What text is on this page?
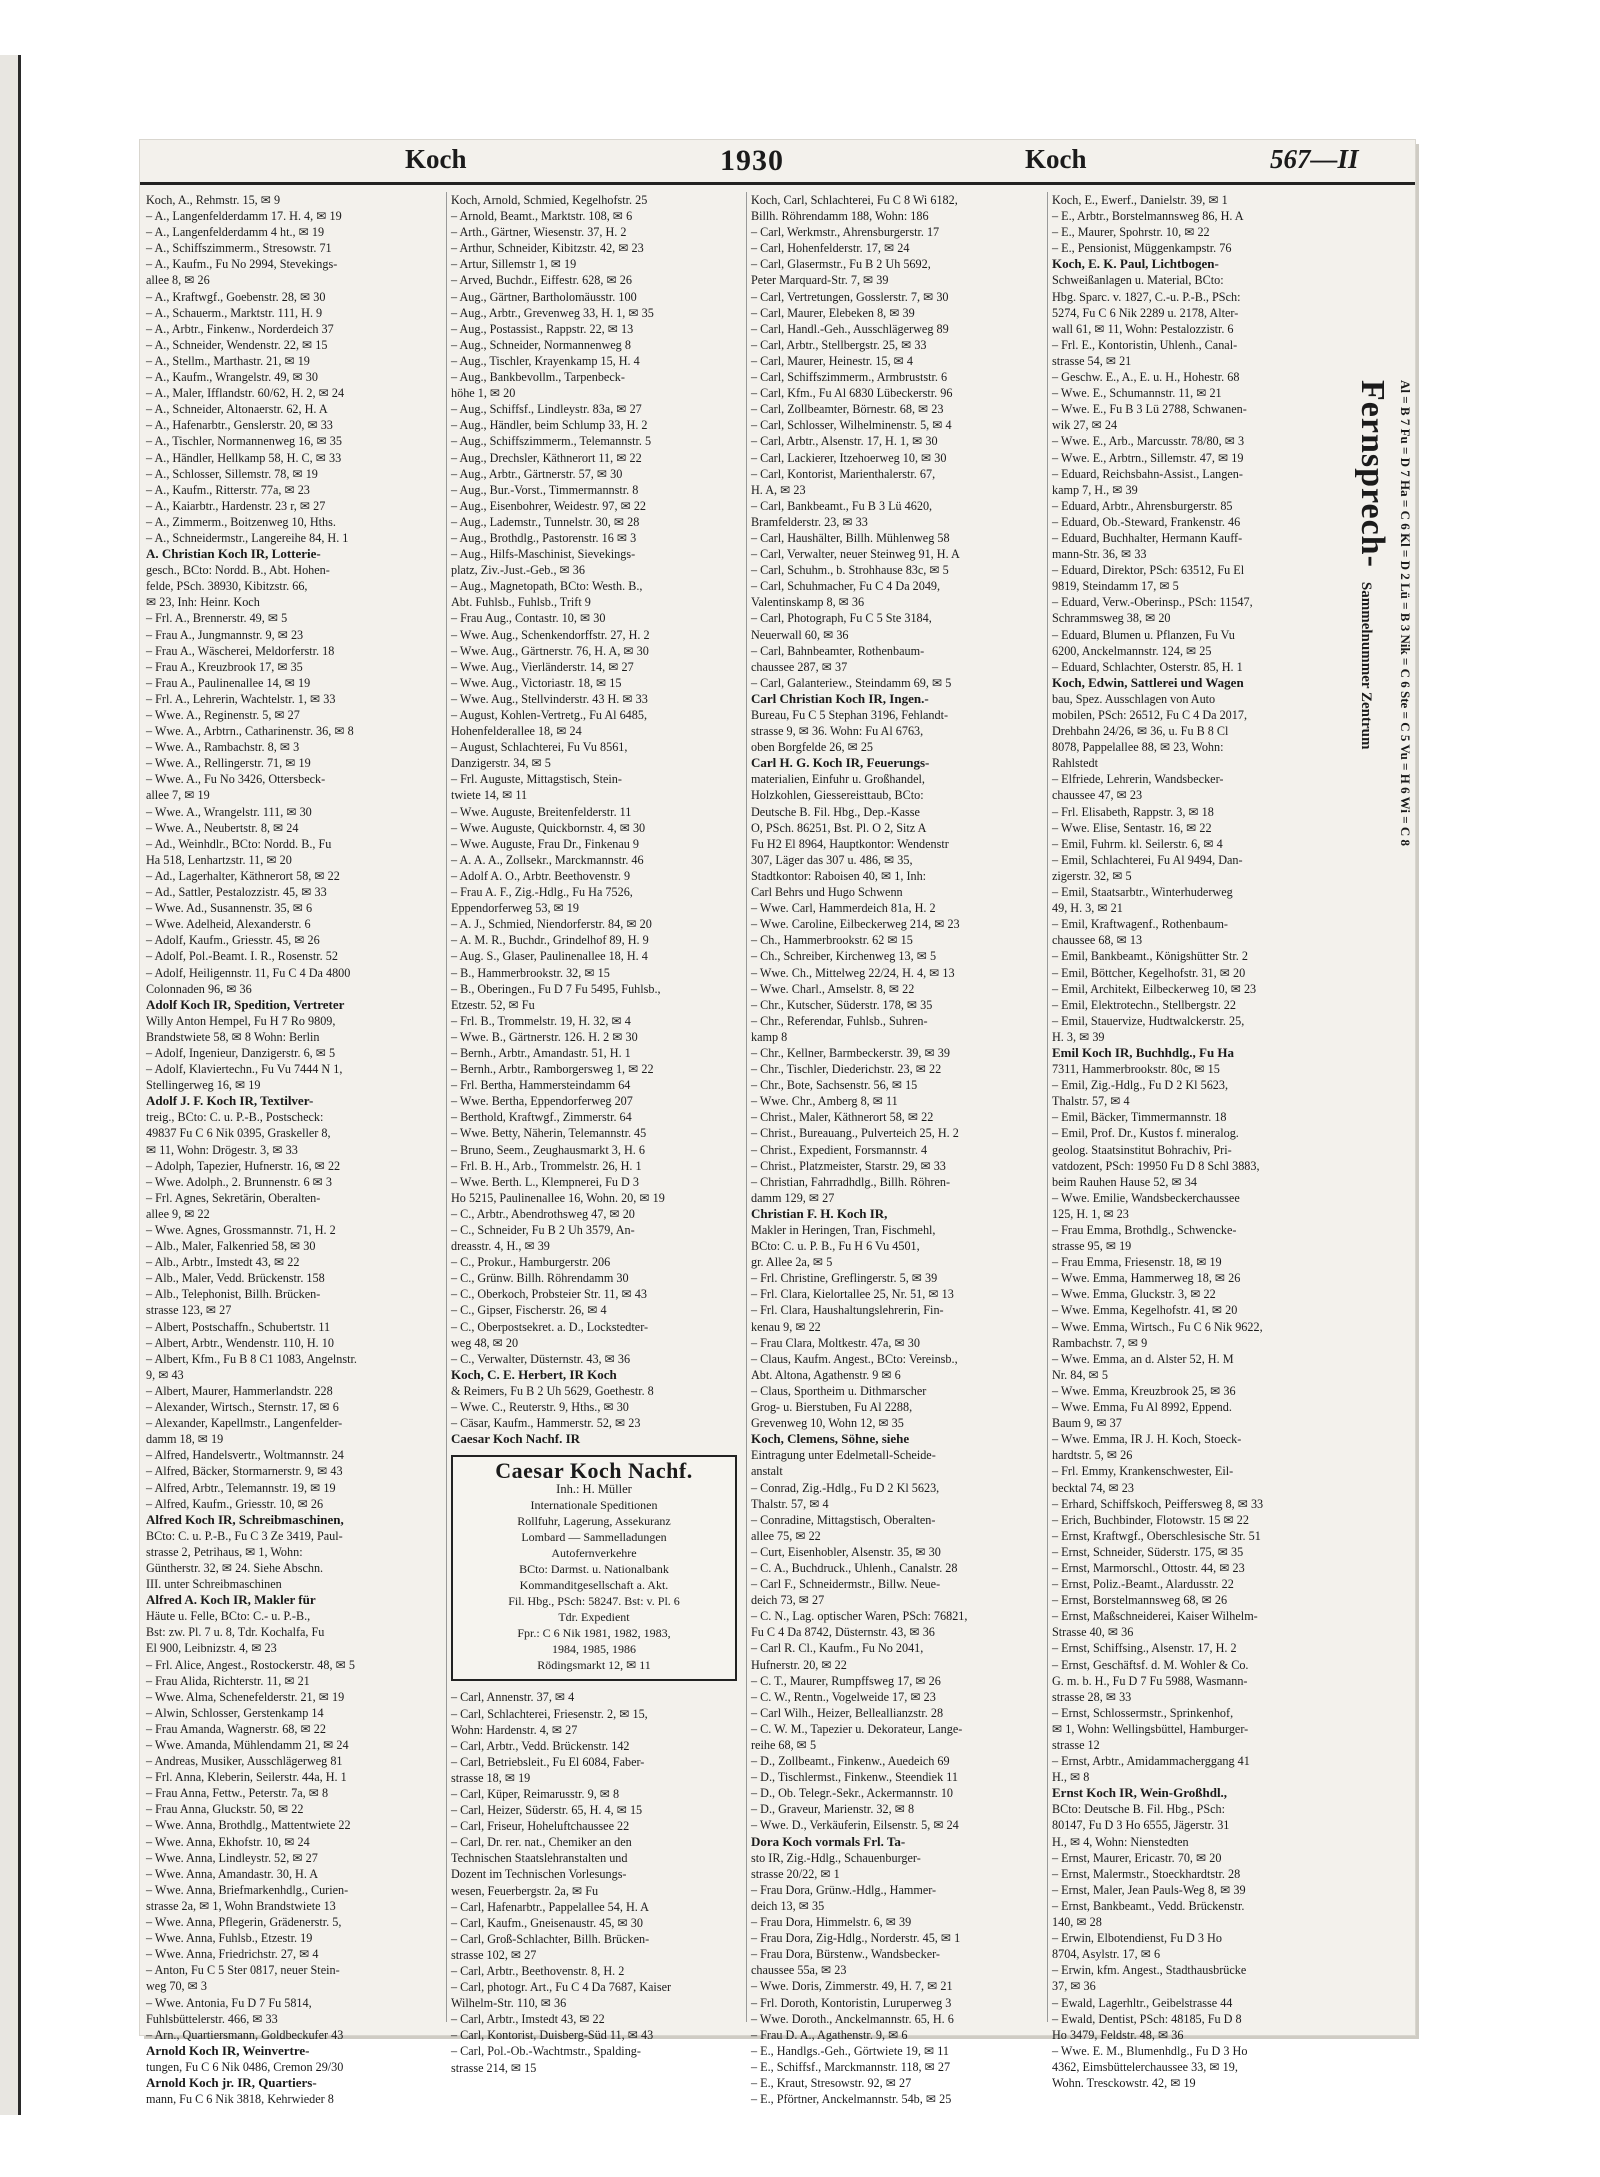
Koch	1930	Koch	567—II
Koch, A., Rehmstr. 15, ✉ 9
– A., Langenfelderdamm 17. H. 4, ✉ 19
– A., Langenfelderdamm 4 ht., ✉ 19
– A., Schiffszimmerm., Stresowstr. 71
– A., Kaufm., Fu No 2994, Stevekings-
allee 8, ✉ 26
– A., Kraftwgf., Goebenstr. 28, ✉ 30
– A., Schauerm., Marktstr. 111, H. 9
– A., Arbtr., Finkenw., Norderdeich 37
– A., Schneider, Wendenstr. 22, ✉ 15
– A., Stellm., Marthastr. 21, ✉ 19
– A., Kaufm., Wrangelstr. 49, ✉ 30
– A., Maler, Ifflandstr. 60/62, H. 2, ✉ 24
– A., Schneider, Altonaerstr. 62, H. A
– A., Hafenarbtr., Genslerstr. 20, ✉ 33
– A., Tischler, Normannenweg 16, ✉ 35
– A., Händler, Hellkamp 58, H. C, ✉ 33
– A., Schlosser, Sillemstr. 78, ✉ 19
– A., Kaufm., Ritterstr. 77a, ✉ 23
– A., Kaiarbtr., Hardenstr. 23 r, ✉ 27
– A., Zimmerm., Boitzenweg 10, Hths.
– A., Schneidermstr., Langereihe 84, H. 1
A. Christian Koch IR, Lotterie-
gesch., BCto: Nordd. B., Abt. Hohen-
felde, PSch. 38930, Kibitzstr. 66,
✉ 23, Inh: Heinr. Koch
– Frl. A., Brennerstr. 49, ✉ 5
– Frau A., Jungmannstr. 9, ✉ 23
– Frau A., Wäscherei, Meldorferstr. 18
– Frau A., Kreuzbrook 17, ✉ 35
– Frau A., Paulinenallee 14, ✉ 19
– Frl. A., Lehrerin, Wachtelstr. 1, ✉ 33
– Wwe. A., Reginenstr. 5, ✉ 27
– Wwe. A., Arbtrn., Catharinenstr. 36, ✉ 8
– Wwe. A., Rambachstr. 8, ✉ 3
– Wwe. A., Rellingerstr. 71, ✉ 19
– Wwe. A., Fu No 3426, Ottersbeck-
allee 7, ✉ 19
– Wwe. A., Wrangelstr. 111, ✉ 30
– Wwe. A., Neubertstr. 8, ✉ 24
– Ad., Weinhdlr., BCto: Nordd. B., Fu
Ha 518, Lenhartzstr. 11, ✉ 20
– Ad., Lagerhalter, Käthnerort 58, ✉ 22
– Ad., Sattler, Pestalozzistr. 45, ✉ 33
– Wwe. Ad., Susannenstr. 35, ✉ 6
– Wwe. Adelheid, Alexanderstr. 6
– Adolf, Kaufm., Griesstr. 45, ✉ 26
– Adolf, Pol.-Beamt. I. R., Rosenstr. 52
– Adolf, Heiligennstr. 11, Fu C 4 Da 4800
Colonnaden 96, ✉ 36
Adolf Koch IR, Spedition, Vertreter
Willy Anton Hempel, Fu H 7 Ro 9809,
Brandstwiete 58, ✉ 8 Wohn: Berlin
– Adolf, Ingenieur, Danzigerstr. 6, ✉ 5
– Adolf, Klaviertechn., Fu Vu 7444 N 1,
Stellingerweg 16, ✉ 19
Adolf J. F. Koch IR, Textilver-
treig., BCto: C. u. P.-B., Postscheck:
49837 Fu C 6 Nik 0395, Graskeller 8,
✉ 11, Wohn: Drögestr. 3, ✉ 33
– Adolph, Tapezier, Hufnerstr. 16, ✉ 22
– Wwe. Adolph., 2. Brunnenstr. 6 ✉ 3
– Frl. Agnes, Sekretärin, Oberalten-
allee 9, ✉ 22
– Wwe. Agnes, Grossmannstr. 71, H. 2
– Alb., Maler, Falkenried 58, ✉ 30
– Alb., Arbtr., Imstedt 43, ✉ 22
– Alb., Maler, Vedd. Brückenstr. 158
– Alb., Telephonist, Billh. Brücken-
strasse 123, ✉ 27
– Albert, Postschaffn., Schubertstr. 11
– Albert, Arbtr., Wendenstr. 110, H. 10
– Albert, Kfm., Fu B 8 C1 1083, Angelnstr.
9, ✉ 43
– Albert, Maurer, Hammerlandstr. 228
– Alexander, Wirtsch., Sternstr. 17, ✉ 6
– Alexander, Kapellmstr., Langenfelder-
damm 18, ✉ 19
– Alfred, Handelsvertr., Woltmannstr. 24
– Alfred, Bäcker, Stormarnerstr. 9, ✉ 43
– Alfred, Arbtr., Telemannstr. 19, ✉ 19
– Alfred, Kaufm., Griesstr. 10, ✉ 26
Alfred Koch IR, Schreibmaschinen,
BCto: C. u. P.-B., Fu C 3 Ze 3419, Paul-
strasse 2, Petrihaus, ✉ 1, Wohn:
Güntherstr. 32, ✉ 24. Siehe Abschn.
III. unter Schreibmaschinen
Alfred A. Koch IR, Makler für
Häute u. Felle, BCto: C.- u. P.-B.,
Bst: zw. Pl. 7 u. 8, Tdr. Kochalfa, Fu
El 900, Leibnizstr. 4, ✉ 23
– Frl. Alice, Angest., Rostockerstr. 48, ✉ 5
– Frau Alida, Richterstr. 11, ✉ 21
– Wwe. Alma, Schenefelderstr. 21, ✉ 19
– Alwin, Schlosser, Gerstenkamp 14
– Frau Amanda, Wagnerstr. 68, ✉ 22
– Wwe. Amanda, Mühlendamm 21, ✉ 24
– Andreas, Musiker, Ausschlägerweg 81
– Frl. Anna, Kleberin, Seilerstr. 44a, H. 1
– Frau Anna, Fettw., Peterstr. 7a, ✉ 8
– Frau Anna, Gluckstr. 50, ✉ 22
– Wwe. Anna, Brothdlg., Mattentwiete 22
– Wwe. Anna, Ekhofstr. 10, ✉ 24
– Wwe. Anna, Lindleystr. 52, ✉ 27
– Wwe. Anna, Amandastr. 30, H. A
– Wwe. Anna, Briefmarkenhdlg., Curien-
strasse 2a, ✉ 1, Wohn Brandstwiete 13
– Wwe. Anna, Pflegerin, Grädenerstr. 5,
– Wwe. Anna, Fuhlsb., Etzestr. 19
– Wwe. Anna, Friedrichstr. 27, ✉ 4
– Anton, Fu C 5 Ster 0817, neuer Stein-
weg 70, ✉ 3
– Wwe. Antonia, Fu D 7 Fu 5814,
Fuhlsbüttelerstr. 466, ✉ 33
– Arn., Quartiersmann, Goldbeckufer 43
Arnold Koch IR, Weinvertre-
tungen, Fu C 6 Nik 0486, Cremon 29/30
Arnold Koch jr. IR, Quartiers-
mann, Fu C 6 Nik 3818, Kehrwieder 8
Koch, Arnold, Schmied, Kegelhofstr. 25
– Arnold, Beamt., Marktstr. 108, ✉ 6
– Arth., Gärtner, Wiesenstr. 37, H. 2
– Arthur, Schneider, Kibitzstr. 42, ✉ 23
– Artur, Sillemstr 1, ✉ 19
– Arved, Buchdr., Eiffestr. 628, ✉ 26
– Aug., Gärtner, Bartholomäusstr. 100
– Aug., Arbtr., Grevenweg 33, H. 1, ✉ 35
– Aug., Postassist., Rappstr. 22, ✉ 13
– Aug., Schneider, Normannenweg 8
– Aug., Tischler, Krayenkamp 15, H. 4
– Aug., Bankbevollm., Tarpenbeck-
höhe 1, ✉ 20
– Aug., Schiffsf., Lindleystr. 83a, ✉ 27
– Aug., Händler, beim Schlump 33, H. 2
– Aug., Schiffszimmerm., Telemannstr. 5
– Aug., Drechsler, Käthnerort 11, ✉ 22
– Aug., Arbtr., Gärtnerstr. 57, ✉ 30
– Aug., Bur.-Vorst., Timmermannstr. 8
– Aug., Eisenbohrer, Weidestr. 97, ✉ 22
– Aug., Lademstr., Tunnelstr. 30, ✉ 28
– Aug., Brothdlg., Pastorenstr. 16 ✉ 3
– Aug., Hilfs-Maschinist, Sievekings-
platz, Ziv.-Just.-Geb., ✉ 36
– Aug., Magnetopath, BCto: Westh. B.,
Abt. Fuhlsb., Fuhlsb., Trift 9
– Frau Aug., Contastr. 10, ✉ 30
– Wwe. Aug., Schenkendorffstr. 27, H. 2
– Wwe. Aug., Gärtnerstr. 76, H. A, ✉ 30
– Wwe. Aug., Vierländerstr. 14, ✉ 27
– Wwe. Aug., Victoriastr. 18, ✉ 15
– Wwe. Aug., Stellvinderstr. 43 H. ✉ 33
– August, Kohlen-Vertretg., Fu Al 6485,
Hohenfelderallee 18, ✉ 24
– August, Schlachterei, Fu Vu 8561,
Danzigerstr. 34, ✉ 5
– Frl. Auguste, Mittagstisch, Stein-
twiete 14, ✉ 11
– Wwe. Auguste, Breitenfelderstr. 11
– Wwe. Auguste, Quickbornstr. 4, ✉ 30
– Wwe. Auguste, Frau Dr., Finkenau 9
– A. A. A., Zollsekr., Marckmannstr. 46
– Adolf A. O., Arbtr. Beethovenstr. 9
– Frau A. F., Zig.-Hdlg., Fu Ha 7526,
Eppendorferweg 53, ✉ 19
– A. J., Schmied, Niendorferstr. 84, ✉ 20
– A. M. R., Buchdr., Grindelhof 89, H. 9
– Aug. S., Glaser, Paulinenallee 18, H. 4
– B., Hammerbrookstr. 32, ✉ 15
– B., Oberingen., Fu D 7 Fu 5495, Fuhlsb.,
Etzestr. 52, ✉ Fu
– Frl. B., Trommelstr. 19, H. 32, ✉ 4
– Wwe. B., Gärtnerstr. 126. H. 2 ✉ 30
– Bernh., Arbtr., Amandastr. 51, H. 1
– Bernh., Arbtr., Ramborgersweg 1, ✉ 22
– Frl. Bertha, Hammersteindamm 64
– Wwe. Bertha, Eppendorferweg 207
– Berthold, Kraftwgf., Zimmerstr. 64
– Wwe. Betty, Näherin, Telemannstr. 45
– Bruno, Seem., Zeughausmarkt 3, H. 6
– Frl. B. H., Arb., Trommelstr. 26, H. 1
– Wwe. Berth. L., Klempnerei, Fu D 3
Ho 5215, Paulinenallee 16, Wohn. 20, ✉ 19
– C., Arbtr., Abendrothsweg 47, ✉ 20
– C., Schneider, Fu B 2 Uh 3579, An-
dreasstr. 4, H., ✉ 39
– C., Prokur., Hamburgerstr. 206
– C., Grünw. Billh. Röhrendamm 30
– C., Oberkoch, Probsteier Str. 11, ✉ 43
– C., Gipser, Fischerstr. 26, ✉ 4
– C., Oberpostsekret. a. D., Lockstedter-
weg 48, ✉ 20
– C., Verwalter, Düsternstr. 43, ✉ 36
Koch, C. E. Herbert, IR Koch
& Reimers, Fu B 2 Uh 5629, Goethestr. 8
– Wwe. C., Reuterstr. 9, Hths., ✉ 30
– Cäsar, Kaufm., Hammerstr. 52, ✉ 23
Caesar Koch Nachf. IR
Caesar Koch Nachf.
Inh.: H. Müller
Internationale Speditionen
Rollfuhr, Lagerung, Assekuranz
Lombard — Sammelladungen
Autofernverkehre
BCto: Darmst. u. Nationalbank
Kommanditgesellschaft a. Akt.
Fil. Hbg., PSch: 58247. Bst: v. Pl. 6
Tdr. Expedient
Fpr.: C 6 Nik 1981, 1982, 1983,
1984, 1985, 1986
Rödingsmarkt 12, ✉ 11
– Carl, Annenstr. 37, ✉ 4
– Carl, Schlachterei, Friesenstr. 2, ✉ 15,
Wohn: Hardenstr. 4, ✉ 27
– Carl, Arbtr., Vedd. Brückenstr. 142
– Carl, Betriebsleit., Fu El 6084, Faber-
strasse 18, ✉ 19
– Carl, Küper, Reimarusstr. 9, ✉ 8
– Carl, Heizer, Süderstr. 65, H. 4, ✉ 15
– Carl, Friseur, Hoheluftchaussee 22
– Carl, Dr. rer. nat., Chemiker an den
Technischen Staatslehranstalten und
Dozent im Technischen Vorlesungs-
wesen, Feuerbergstr. 2a, ✉ Fu
– Carl, Hafenarbtr., Pappelallee 54, H. A
– Carl, Kaufm., Gneisenaustr. 45, ✉ 30
– Carl, Groß-Schlachter, Billh. Brücken-
strasse 102, ✉ 27
– Carl, Arbtr., Beethovenstr. 8, H. 2
– Carl, photogr. Art., Fu C 4 Da 7687, Kaiser
Wilhelm-Str. 110, ✉ 36
– Carl, Arbtr., Imstedt 43, ✉ 22
– Carl, Kontorist, Duisberg-Süd 11, ✉ 43
– Carl, Pol.-Ob.-Wachtmstr., Spalding-
strasse 214, ✉ 15
Koch, Carl, Schlachterei, Fu C 8 Wi 6182,
Billh. Röhrendamm 188, Wohn: 186
– Carl, Werkmstr., Ahrensburgerstr. 17
– Carl, Hohenfelderstr. 17, ✉ 24
– Carl, Glasermstr., Fu B 2 Uh 5692,
Peter Marquard-Str. 7, ✉ 39
– Carl, Vertretungen, Gosslerstr. 7, ✉ 30
– Carl, Maurer, Elebeken 8, ✉ 39
– Carl, Handl.-Geh., Ausschlägerweg 89
– Carl, Arbtr., Stellbergstr. 25, ✉ 33
– Carl, Maurer, Heinestr. 15, ✉ 4
– Carl, Schiffszimmerm., Armbruststr. 6
– Carl, Kfm., Fu Al 6830 Lübeckerstr. 96
– Carl, Zollbeamter, Börnestr. 68, ✉ 23
– Carl, Schlosser, Wilhelminenstr. 5, ✉ 4
– Carl, Arbtr., Alsenstr. 17, H. 1, ✉ 30
– Carl, Lackierer, Itzehoerweg 10, ✉ 30
– Carl, Kontorist, Marienthalerstr. 67,
H. A, ✉ 23
– Carl, Bankbeamt., Fu B 3 Lü 4620,
Bramfelderstr. 23, ✉ 33
– Carl, Haushälter, Billh. Mühlenweg 58
– Carl, Verwalter, neuer Steinweg 91, H. A
– Carl, Schuhm., b. Strohhause 83c, ✉ 5
– Carl, Schuhmacher, Fu C 4 Da 2049,
Valentinskamp 8, ✉ 36
– Carl, Photograph, Fu C 5 Ste 3184,
Neuerwall 60, ✉ 36
– Carl, Bahnbeamter, Rothenbaum-
chaussee 287, ✉ 37
– Carl, Galanteriew., Steindamm 69, ✉ 5
Carl Christian Koch IR, Ingen.-
Bureau, Fu C 5 Stephan 3196, Fehlandt-
strasse 9, ✉ 36. Wohn: Fu Al 6763,
oben Borgfelde 26, ✉ 25
Carl H. G. Koch IR, Feuerungs-
materialien, Einfuhr u. Großhandel,
Holzkohlen, Giessereisttaub, BCto:
Deutsche B. Fil. Hbg., Dep.-Kasse
O, PSch. 86251, Bst. Pl. O 2, Sitz A
Fu H2 El 8964, Hauptkontor: Wendenstr
307, Läger das 307 u. 486, ✉ 35,
Stadtkontor: Raboisen 40, ✉ 1, Inh:
Carl Behrs und Hugo Schwenn
– Wwe. Carl, Hammerdeich 81a, H. 2
– Wwe. Caroline, Eilbeckerweg 214, ✉ 23
– Ch., Hammerbrookstr. 62 ✉ 15
– Ch., Schreiber, Kirchenweg 13, ✉ 5
– Wwe. Ch., Mittelweg 22/24, H. 4, ✉ 13
– Wwe. Charl., Amselstr. 8, ✉ 22
– Chr., Kutscher, Süderstr. 178, ✉ 35
– Chr., Referendar, Fuhlsb., Suhren-
kamp 8
– Chr., Kellner, Barmbeckerstr. 39, ✉ 39
– Chr., Tischler, Diederichstr. 23, ✉ 22
– Chr., Bote, Sachsenstr. 56, ✉ 15
– Wwe. Chr., Amberg 8, ✉ 11
– Christ., Maler, Käthnerort 58, ✉ 22
– Christ., Bureauang., Pulverteich 25, H. 2
– Christ., Expedient, Forsmannstr. 4
– Christ., Platzmeister, Starstr. 29, ✉ 33
– Christian, Fahrradhdlg., Billh. Röhren-
damm 129, ✉ 27
Christian F. H. Koch IR,
Makler in Heringen, Tran, Fischmehl,
BCto: C. u. P. B., Fu H 6 Vu 4501,
gr. Allee 2a, ✉ 5
– Frl. Christine, Greflingerstr. 5, ✉ 39
– Frl. Clara, Kielortallee 25, Nr. 51, ✉ 13
– Frl. Clara, Haushaltungslehrerin, Fin-
kenau 9, ✉ 22
– Frau Clara, Moltkestr. 47a, ✉ 30
– Claus, Kaufm. Angest., BCto: Vereinsb.,
Abt. Altona, Agathenstr. 9 ✉ 6
– Claus, Sportheim u. Dithmarscher
Grog- u. Bierstuben, Fu Al 2288,
Grevenweg 10, Wohn 12, ✉ 35
Koch, Clemens, Söhne, siehe
Eintragung unter Edelmetall-Scheide-
anstalt
– Conrad, Zig.-Hdlg., Fu D 2 Kl 5623,
Thalstr. 57, ✉ 4
– Conradine, Mittagstisch, Oberalten-
allee 75, ✉ 22
– Curt, Eisenhobler, Alsenstr. 35, ✉ 30
– C. A., Buchdruck., Uhlenh., Canalstr. 28
– Carl F., Schneidermstr., Billw. Neue-
deich 73, ✉ 27
– C. N., Lag. optischer Waren, PSch: 76821,
Fu C 4 Da 8742, Düsternstr. 43, ✉ 36
– Carl R. Cl., Kaufm., Fu No 2041,
Hufnerstr. 20, ✉ 22
– C. T., Maurer, Rumpffsweg 17, ✉ 26
– C. W., Rentn., Vogelweide 17, ✉ 23
– Carl Wilh., Heizer, Belleallianzstr. 28
– C. W. M., Tapezier u. Dekorateur, Lange-
reihe 68, ✉ 5
– D., Zollbeamt., Finkenw., Auedeich 69
– D., Tischlermst., Finkenw., Steendiek 11
– D., Ob. Telegr.-Sekr., Ackermannstr. 10
– D., Graveur, Marienstr. 32, ✉ 8
– Wwe. D., Verkäuferin, Eilsenstr. 5, ✉ 24
Dora Koch vormals Frl. Ta-
sto IR, Zig.-Hdlg., Schauenburger-
strasse 20/22, ✉ 1
– Frau Dora, Grünw.-Hdlg., Hammer-
deich 13, ✉ 35
– Frau Dora, Himmelstr. 6, ✉ 39
– Frau Dora, Zig-Hdlg., Norderstr. 45, ✉ 1
– Frau Dora, Bürstenw., Wandsbecker-
chaussee 55a, ✉ 23
– Wwe. Doris, Zimmerstr. 49, H. 7, ✉ 21
– Frl. Doroth, Kontoristin, Luruperweg 3
– Wwe. Doroth., Anckelmannstr. 65, H. 6
– Frau D. A., Agathenstr. 9, ✉ 6
– E., Handlgs.-Geh., Görtwiete 19, ✉ 11
– E., Schiffsf., Marckmannstr. 118, ✉ 27
– E., Kraut, Stresowstr. 92, ✉ 27
– E., Pförtner, Anckelmannstr. 54b, ✉ 25
Koch, E., Ewerf., Danielstr. 39, ✉ 1
– E., Arbtr., Borstelmannsweg 86, H. A
– E., Maurer, Spohrstr. 10, ✉ 22
– E., Pensionist, Müggenkampstr. 76
Koch, E. K. Paul, Lichtbogen-
Schweißanlagen u. Material, BCto:
Hbg. Sparc. v. 1827, C.-u. P.-B., PSch:
5274, Fu C 6 Nik 2289 u. 2178, Alter-
wall 61, ✉ 11, Wohn: Pestalozzistr. 6
– Frl. E., Kontoristin, Uhlenh., Canal-
strasse 54, ✉ 21
– Geschw. E., A., E. u. H., Hohestr. 68
– Wwe. E., Schumannstr. 11, ✉ 21
– Wwe. E., Fu B 3 Lü 2788, Schwanen-
wik 27, ✉ 24
– Wwe. E., Arb., Marcusstr. 78/80, ✉ 3
– Wwe. E., Arbtrn., Sillemstr. 47, ✉ 19
– Eduard, Reichsbahn-Assist., Langen-
kamp 7, H., ✉ 39
– Eduard, Arbtr., Ahrensburgerstr. 85
– Eduard, Ob.-Steward, Frankenstr. 46
– Eduard, Buchhalter, Hermann Kauff-
mann-Str. 36, ✉ 33
– Eduard, Direktor, PSch: 63512, Fu El
9819, Steindamm 17, ✉ 5
– Eduard, Verw.-Oberinsp., PSch: 11547,
Schrammsweg 38, ✉ 20
– Eduard, Blumen u. Pflanzen, Fu Vu
6200, Anckelmannstr. 124, ✉ 25
– Eduard, Schlachter, Osterstr. 85, H. 1
Koch, Edwin, Sattlerei und Wagen
bau, Spez. Ausschlagen von Auto
mobilen, PSch: 26512, Fu C 4 Da 2017,
Drehbahn 24/26, ✉ 36, u. Fu B 8 Cl
8078, Pappelallee 88, ✉ 23, Wohn:
Rahlstedt
– Elfriede, Lehrerin, Wandsbecker-
chaussee 47, ✉ 23
– Frl. Elisabeth, Rappstr. 3, ✉ 18
– Wwe. Elise, Sentastr. 16, ✉ 22
– Emil, Fuhrm. kl. Seilerstr. 6, ✉ 4
– Emil, Schlachterei, Fu Al 9494, Dan-
zigerstr. 32, ✉ 5
– Emil, Staatsarbtr., Winterhuderweg
49, H. 3, ✉ 21
– Emil, Kraftwagenf., Rothenbaum-
chaussee 68, ✉ 13
– Emil, Bankbeamt., Königshütter Str. 2
– Emil, Böttcher, Kegelhofstr. 31, ✉ 20
– Emil, Architekt, Eilbeckerweg 10, ✉ 23
– Emil, Elektrotechn., Stellbergstr. 22
– Emil, Stauervize, Hudtwalckerstr. 25,
H. 3, ✉ 39
Emil Koch IR, Buchhdlg., Fu Ha
7311, Hammerbrookstr. 80c, ✉ 15
– Emil, Zig.-Hdlg., Fu D 2 Kl 5623,
Thalstr. 57, ✉ 4
– Emil, Bäcker, Timmermannstr. 18
– Emil, Prof. Dr., Kustos f. mineralog.
geolog. Staatsinstitut Bohrachiv, Pri-
vatdozent, PSch: 19950 Fu D 8 Schl 3883,
beim Rauhen Hause 52, ✉ 34
– Wwe. Emilie, Wandsbeckerchaussee
125, H. 1, ✉ 23
– Frau Emma, Brothdlg., Schwencke-
strasse 95, ✉ 19
– Frau Emma, Friesenstr. 18, ✉ 19
– Wwe. Emma, Hammerweg 18, ✉ 26
– Wwe. Emma, Gluckstr. 3, ✉ 22
– Wwe. Emma, Kegelhofstr. 41, ✉ 20
– Wwe. Emma, Wirtsch., Fu C 6 Nik 9622,
Rambachstr. 7, ✉ 9
– Wwe. Emma, an d. Alster 52, H. M
Nr. 84, ✉ 5
– Wwe. Emma, Kreuzbrook 25, ✉ 36
– Wwe. Emma, Fu Al 8992, Eppend.
Baum 9, ✉ 37
– Wwe. Emma, IR J. H. Koch, Stoeck-
hardtstr. 5, ✉ 26
– Frl. Emmy, Krankenschwester, Eil-
becktal 74, ✉ 23
– Erhard, Schiffskoch, Peiffersweg 8, ✉ 33
– Erich, Buchbinder, Flotowstr. 15 ✉ 22
– Ernst, Kraftwgf., Oberschlesische Str. 51
– Ernst, Schneider, Süderstr. 175, ✉ 35
– Ernst, Marmorschl., Ottostr. 44, ✉ 23
– Ernst, Poliz.-Beamt., Alardusstr. 22
– Ernst, Borstelmannsweg 68, ✉ 26
– Ernst, Maßschneiderei, Kaiser Wilhelm-
Strasse 40, ✉ 36
– Ernst, Schiffsing., Alsenstr. 17, H. 2
– Ernst, Geschäftsf. d. M. Wohler & Co.
G. m. b. H., Fu D 7 Fu 5988, Wasmann-
strasse 28, ✉ 33
– Ernst, Schlossermstr., Sprinkenhof,
✉ 1, Wohn: Wellingsbüttel, Hamburger-
strasse 12
– Ernst, Arbtr., Amidammacherggang 41
H., ✉ 8
Ernst Koch IR, Wein-Großhdl.,
BCto: Deutsche B. Fil. Hbg., PSch:
80147, Fu D 3 Ho 6555, Jägerstr. 31
H., ✉ 4, Wohn: Nienstedten
– Ernst, Maurer, Ericastr. 70, ✉ 20
– Ernst, Malermstr., Stoeckhardtstr. 28
– Ernst, Maler, Jean Pauls-Weg 8, ✉ 39
– Ernst, Bankbeamt., Vedd. Brückenstr.
140, ✉ 28
– Erwin, Elbotendienst, Fu D 3 Ho
8704, Asylstr. 17, ✉ 6
– Erwin, kfm. Angest., Stadthausbrücke
37, ✉ 36
– Ewald, Lagerhltr., Geibelstrasse 44
– Ewald, Dentist, PSch: 48185, Fu D 8
Ho 3479, Feldstr. 48, ✉ 36
– Wwe. E. M., Blumenhdlg., Fu D 3 Ho
4362, Eimsbüttelerchaussee 33, ✉ 19,
Wohn. Tresckowstr. 42, ✉ 19
Fernsprech-Sammelnummer Zentrum	Al = B 7 Fu = D 7 Ha = C 6 Kl = D 2 Lü = B 3 Nik = C 6 Ste = C 5 Vu = H 6 Wi = C 8
